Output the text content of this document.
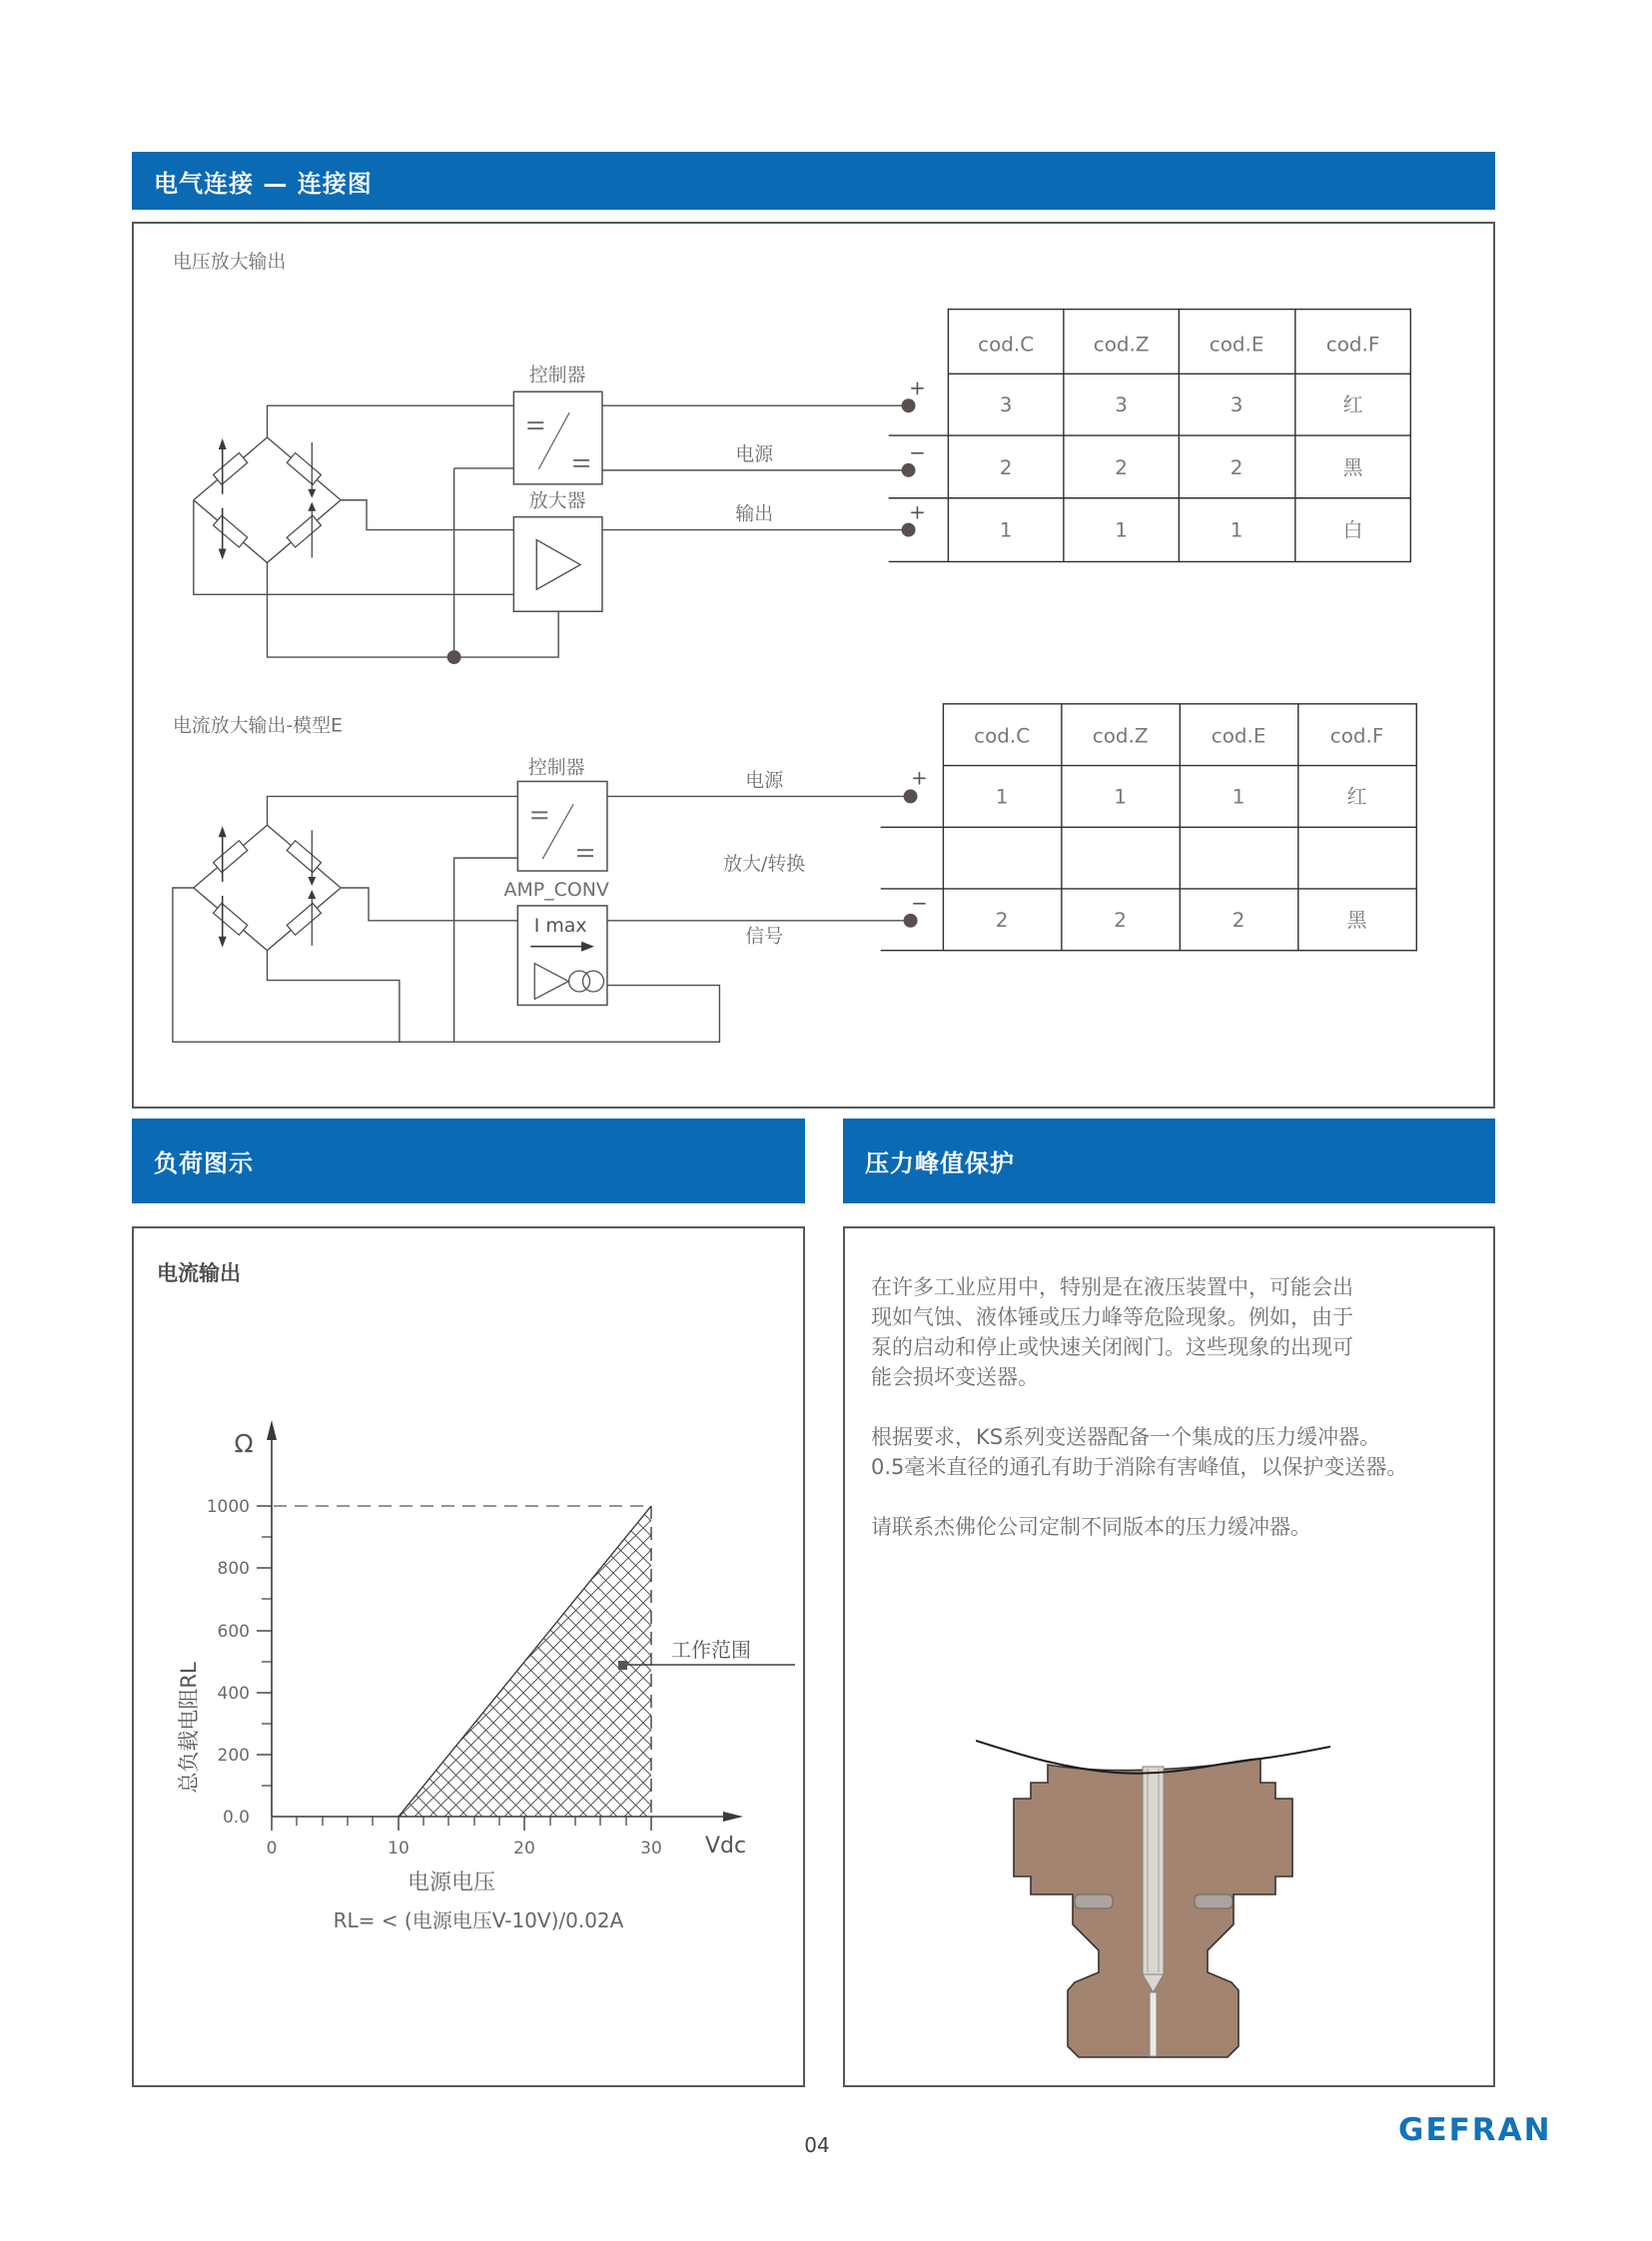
电气连接 — 连接图
电压放大输出
控制器
放大器
电源
输出
+
−
+
cod.C	cod.Z	cod.E	cod.F
3	3	3	红
2	2	2	黑
1	1	1	白
电流放大输出-模型E
控制器
AMP_CONV
I max
电源
放大/转换
信号
+
−
cod.C	cod.Z	cod.E	cod.F
1	1	1	红
2	2	2	黑
负荷图示
电流输出
1000
800
600
400
200
0.0
0	10	20	30
Ω
Vdc
总负载电阻RL
电源电压
RL= < (电源电压V-10V)/0.02A
工作范围
压力峰值保护
在许多工业应用中，特别是在液压装置中，可能会出
现如气蚀、液体锤或压力峰等危险现象。例如，由于
泵的启动和停止或快速关闭阀门。这些现象的出现可
能会损坏变送器。
根据要求，KS系列变送器配备一个集成的压力缓冲器。
0.5毫米直径的通孔有助于消除有害峰值，以保护变送器。
请联系杰佛伦公司定制不同版本的压力缓冲器。
04	GEFRAN
